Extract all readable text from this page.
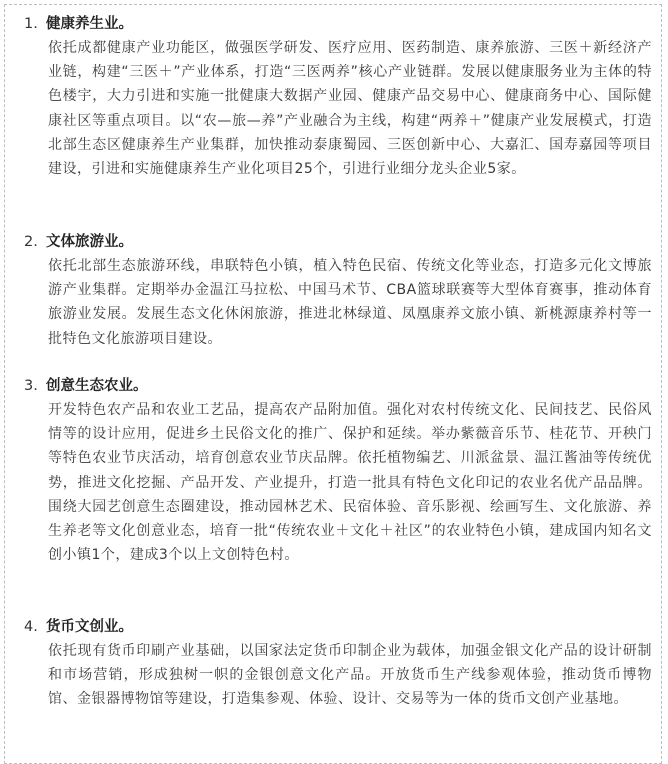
1. 健康养生业。
依托成都健康产业功能区，做强医学研发、医疗应用、医药制造、康养旅游、三医＋新经济产业链，构建“三医＋”产业体系，打造“三医两养”核心产业链群。发展以健康服务业为主体的特色楼宇，大力引进和实施一批健康大数据产业园、健康产品交易中心、健康商务中心、国际健康社区等重点项目。以“农—旅—养”产业融合为主线，构建“两养＋”健康产业发展模式，打造北部生态区健康养生产业集群，加快推动泰康蜀园、三医创新中心、大嘉汇、国寿嘉园等项目建设，引进和实施健康养生产业化项目25个，引进行业细分龙头企业5家。
2. 文体旅游业。
依托北部生态旅游环线，串联特色小镇，植入特色民宿、传统文化等业态，打造多元化文博旅游产业集群。定期举办金温江马拉松、中国马术节、CBA篮球联赛等大型体育赛事，推动体育旅游业发展。发展生态文化休闲旅游，推进北林绿道、凤凰康养文旅小镇、新桃源康养村等一批特色文化旅游项目建设。
3. 创意生态农业。
开发特色农产品和农业工艺品，提高农产品附加值。强化对农村传统文化、民间技艺、民俗风情等的设计应用，促进乡土民俗文化的推广、保护和延续。举办紫薇音乐节、桂花节、开秧门等特色农业节庆活动，培育创意农业节庆品牌。依托植物编艺、川派盆景、温江酱油等传统优势，推进文化挖掘、产品开发、产业提升，打造一批具有特色文化印记的农业名优产品品牌。围绕大园艺创意生态圈建设，推动园林艺术、民宿体验、音乐影视、绘画写生、文化旅游、养生养老等文化创意业态，培育一批“传统农业＋文化＋社区”的农业特色小镇，建成国内知名文创小镇1个，建成3个以上文创特色村。
4. 货币文创业。
依托现有货币印刷产业基础，以国家法定货币印制企业为载体，加强金银文化产品的设计研制和市场营销，形成独树一帜的金银创意文化产品。开放货币生产线参观体验，推动货币博物馆、金银器博物馆等建设，打造集参观、体验、设计、交易等为一体的货币文创产业基地。
